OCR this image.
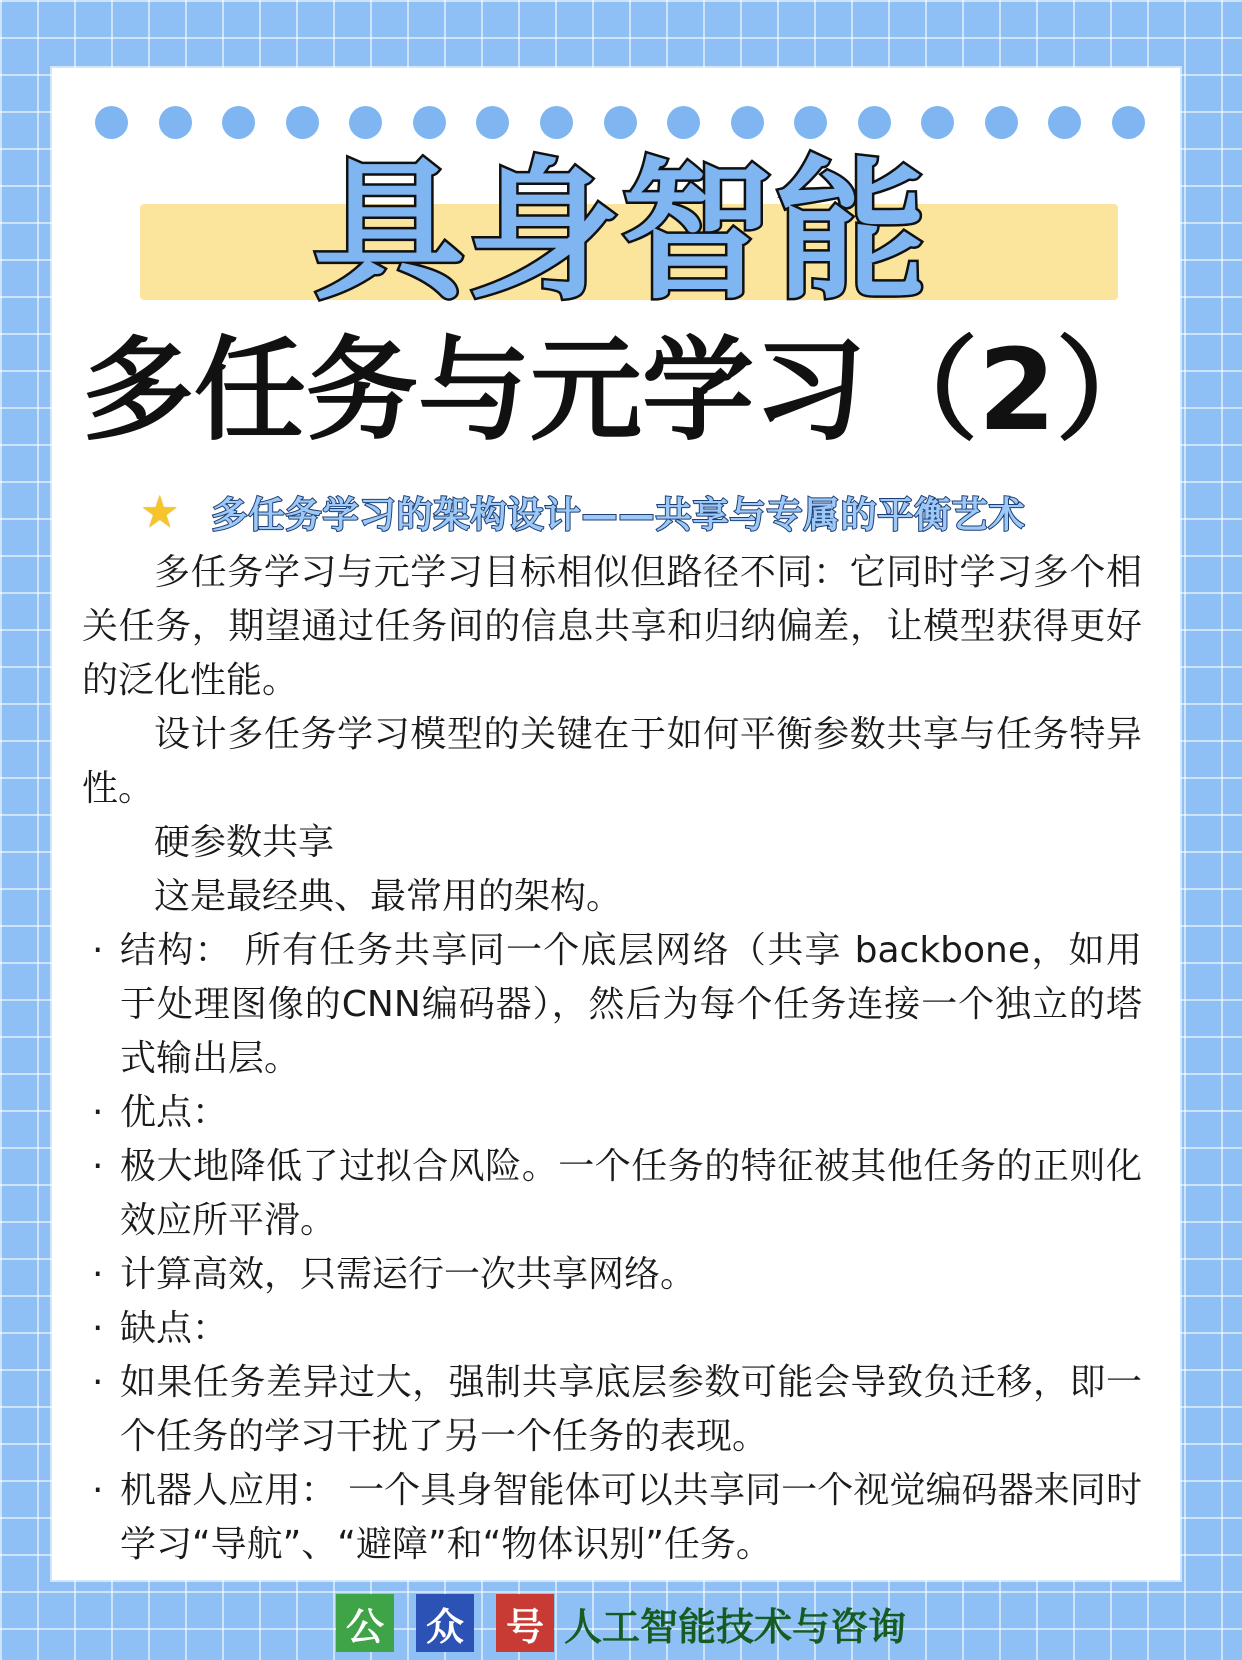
具身智能
多任务与元学习（2）
★ 多任务学习的架构设计——共享与专属的平衡艺术

多任务学习与元学习目标相似但路径不同：它同时学习多个相关任务，期望通过任务间的信息共享和归纳偏差，让模型获得更好的泛化性能。

设计多任务学习模型的关键在于如何平衡参数共享与任务特异性。

硬参数共享

这是最经典、最常用的架构。

· 结构： 所有任务共享同一个底层网络（共享 backbone，如用于处理图像的CNN编码器），然后为每个任务连接一个独立的塔式输出层。

· 优点：

· 极大地降低了过拟合风险。一个任务的特征被其他任务的正则化效应所平滑。

· 计算高效，只需运行一次共享网络。

· 缺点：

· 如果任务差异过大，强制共享底层参数可能会导致负迁移，即一个任务的学习干扰了另一个任务的表现。

· 机器人应用： 一个具身智能体可以共享同一个视觉编码器来同时学习“导航”、“避障”和“物体识别”任务。

公 众 号 人工智能技术与咨询
